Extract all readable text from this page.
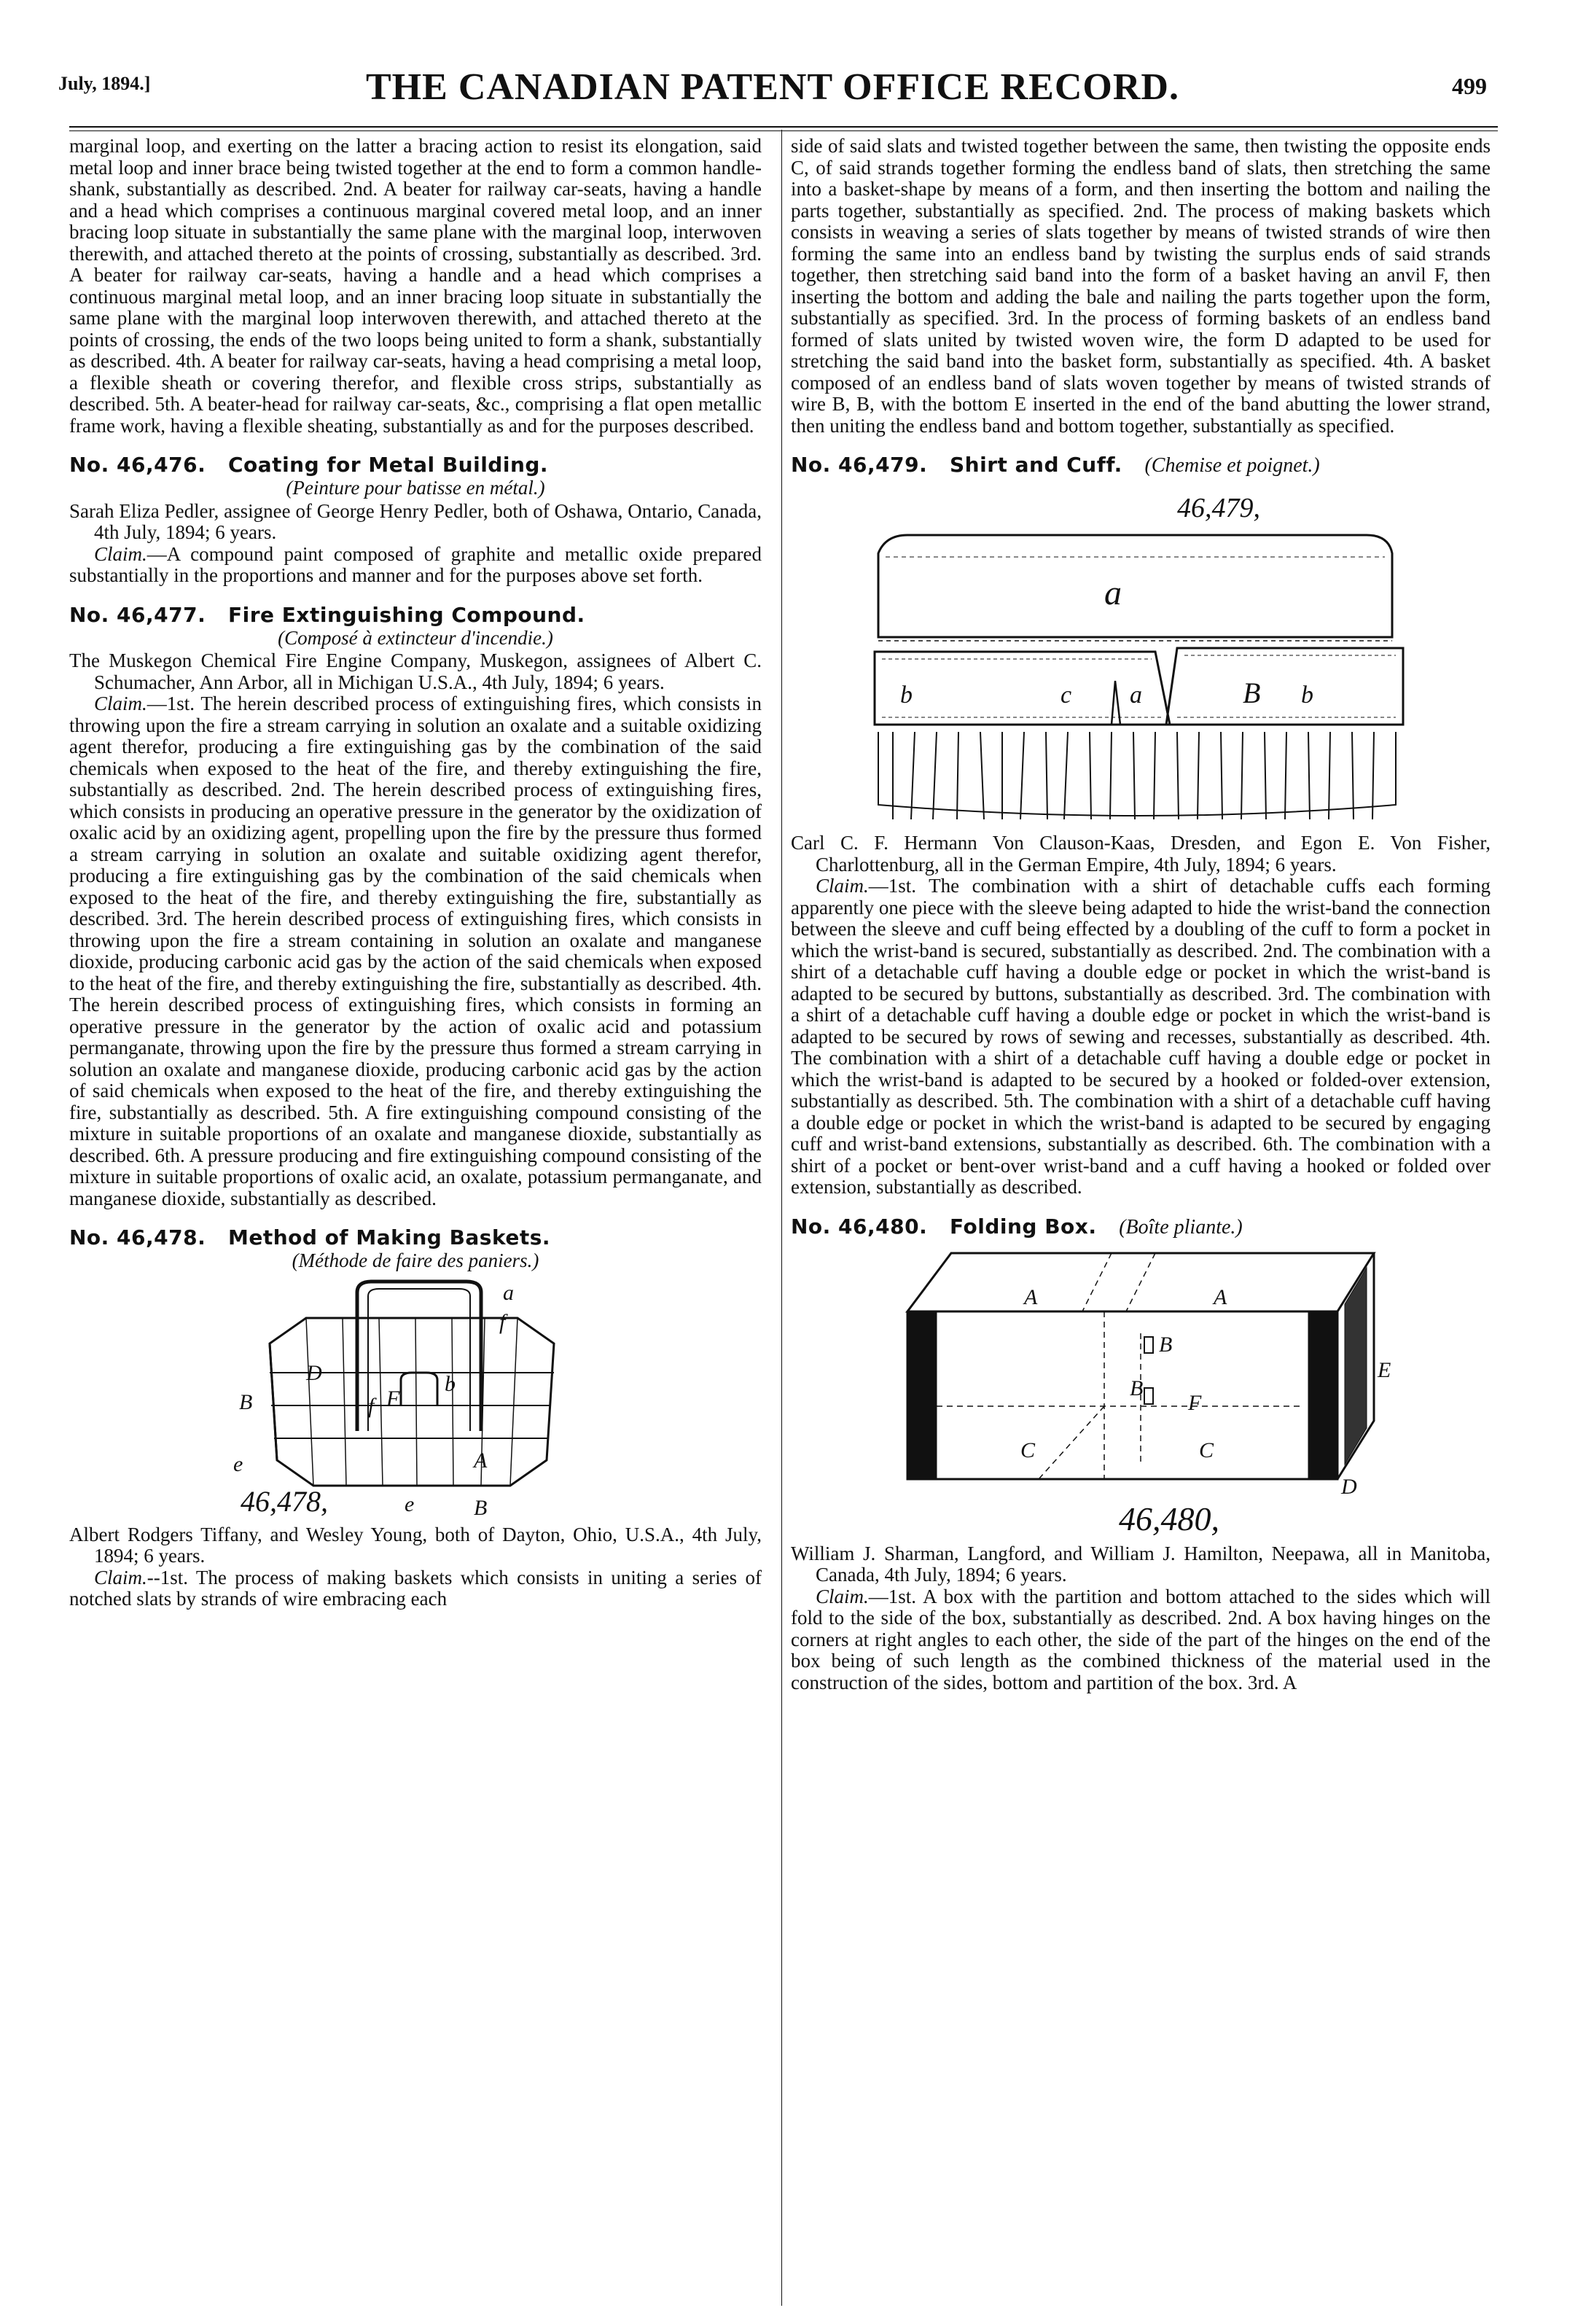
July, 1894.]	THE CANADIAN PATENT OFFICE RECORD.	499

marginal loop, and exerting on the latter a bracing action to resist its elongation, said metal loop and inner brace being twisted together at the end to form a common handle-shank, substantially as described. 2nd. A beater for railway car-seats, having a handle and a head which comprises a continuous marginal covered metal loop, and an inner bracing loop situate in substantially the same plane with the marginal loop, interwoven therewith, and attached thereto at the points of crossing, substantially as described. 3rd. A beater for railway car-seats, having a handle and a head which comprises a continuous marginal metal loop, and an inner bracing loop situate in substantially the same plane with the marginal loop interwoven therewith, and attached thereto at the points of crossing, the ends of the two loops being united to form a shank, substantially as described. 4th. A beater for railway car-seats, having a head comprising a metal loop, a flexible sheath or covering therefor, and flexible cross strips, substantially as described. 5th. A beater-head for railway car-seats, &c., comprising a flat open metallic frame work, having a flexible sheating, substantially as and for the purposes described.

No. 46,476. Coating for Metal Building.
(Peinture pour batisse en métal.)

Sarah Eliza Pedler, assignee of George Henry Pedler, both of Oshawa, Ontario, Canada, 4th July, 1894; 6 years.

Claim.—A compound paint composed of graphite and metallic oxide prepared substantially in the proportions and manner and for the purposes above set forth.

No. 46,477. Fire Extinguishing Compound.
(Composé à extincteur d'incendie.)

The Muskegon Chemical Fire Engine Company, Muskegon, assignees of Albert C. Schumacher, Ann Arbor, all in Michigan U.S.A., 4th July, 1894; 6 years.

Claim.—1st. The herein described process of extinguishing fires, which consists in throwing upon the fire a stream carrying in solution an oxalate and a suitable oxidizing agent therefor, producing a fire extinguishing gas by the combination of the said chemicals when exposed to the heat of the fire, and thereby extinguishing the fire, substantially as described. 2nd. The herein described process of extinguishing fires, which consists in producing an operative pressure in the generator by the oxidization of oxalic acid by an oxidizing agent, propelling upon the fire by the pressure thus formed a stream carrying in solution an oxalate and suitable oxidizing agent therefor, producing a fire extinguishing gas by the combination of the said chemicals when exposed to the heat of the fire, and thereby extinguishing the fire, substantially as described. 3rd. The herein described process of extinguishing fires, which consists in throwing upon the fire a stream containing in solution an oxalate and manganese dioxide, producing carbonic acid gas by the action of the said chemicals when exposed to the heat of the fire, and thereby extinguishing the fire, substantially as described. 4th. The herein described process of extinguishing fires, which consists in forming an operative pressure in the generator by the action of oxalic acid and potassium permanganate, throwing upon the fire by the pressure thus formed a stream carrying in solution an oxalate and manganese dioxide, producing carbonic acid gas by the action of said chemicals when exposed to the heat of the fire, and thereby extinguishing the fire, substantially as described. 5th. A fire extinguishing compound consisting of the mixture in suitable proportions of an oxalate and manganese dioxide, substantially as described. 6th. A pressure producing and fire extinguishing compound consisting of the mixture in suitable proportions of oxalic acid, an oxalate, potassium permanganate, and manganese dioxide, substantially as described.

No. 46,478. Method of Making Baskets.
(Méthode de faire des paniers.)
a
f
D
B	f F
b
e	A
e	B
46,478,

Albert Rodgers Tiffany, and Wesley Young, both of Dayton, Ohio, U.S.A., 4th July, 1894; 6 years.

Claim.--1st. The process of making baskets which consists in uniting a series of notched slats by strands of wire embracing each

side of said slats and twisted together between the same, then twisting the opposite ends C, of said strands together forming the endless band of slats, then stretching the same into a basket-shape by means of a form, and then inserting the bottom and nailing the parts together, substantially as specified. 2nd. The process of making baskets which consists in weaving a series of slats together by means of twisted strands of wire then forming the same into an endless band by twisting the surplus ends of said strands together, then stretching said band into the form of a basket having an anvil F, then inserting the bottom and adding the bale and nailing the parts together upon the form, substantially as specified. 3rd. In the process of forming baskets of an endless band formed of slats united by twisted woven wire, the form D adapted to be used for stretching the said band into the basket form, substantially as specified. 4th. A basket composed of an endless band of slats woven together by means of twisted strands of wire B, B, with the bottom E inserted in the end of the band abutting the lower strand, then uniting the endless band and bottom together, substantially as specified.

No. 46,479. Shirt and Cuff. (Chemise et poignet.)
46,479,
a
b	c a	B b

Carl C. F. Hermann Von Clauson-Kaas, Dresden, and Egon E. Von Fisher, Charlottenburg, all in the German Empire, 4th July, 1894; 6 years.

Claim.—1st. The combination with a shirt of detachable cuffs each forming apparently one piece with the sleeve being adapted to hide the wrist-band the connection between the sleeve and cuff being effected by a doubling of the cuff to form a pocket in which the wrist-band is secured, substantially as described. 2nd. The combination with a shirt of a detachable cuff having a double edge or pocket in which the wrist-band is adapted to be secured by buttons, substantially as described. 3rd. The combination with a shirt of a detachable cuff having a double edge or pocket in which the wrist-band is adapted to be secured by rows of sewing and recesses, substantially as described. 4th. The combination with a shirt of a detachable cuff having a double edge or pocket in which the wrist-band is adapted to be secured by a hooked or folded-over extension, substantially as described. 5th. The combination with a shirt of a detachable cuff having a double edge or pocket in which the wrist-band is adapted to be secured by engaging cuff and wrist-band extensions, substantially as described. 6th. The combination with a shirt of a pocket or bent-over wrist-band and a cuff having a hooked or folded over extension, substantially as described.

No. 46,480. Folding Box. (Boîte pliante.)
A	A
B
E
B
F
C	C
D
46,480,

William J. Sharman, Langford, and William J. Hamilton, Neepawa, all in Manitoba, Canada, 4th July, 1894; 6 years.

Claim.—1st. A box with the partition and bottom attached to the sides which will fold to the side of the box, substantially as described. 2nd. A box having hinges on the corners at right angles to each other, the side of the part of the hinges on the end of the box being of such length as the combined thickness of the material used in the construction of the sides, bottom and partition of the box. 3rd. A
